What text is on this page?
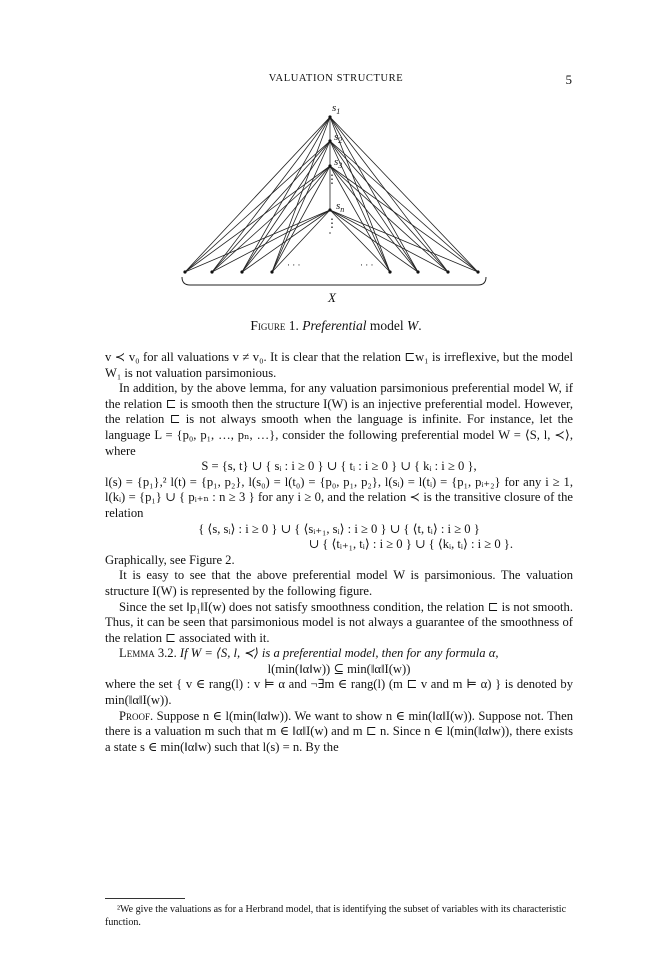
VALUATION STRUCTURE	5
$s_1$
$s_2$
$s_3$
⋮
$s_n$
⋮
· · ·	· · ·
X
Figure 1. Preferential model W.

v ≺ v₀ for all valuations v ≠ v₀. It is clear that the relation ⊏w₁ is irreflexive, but the model W₁ is not valuation parsimonious.

In addition, by the above lemma, for any valuation parsimonious preferential model W, if the relation ⊏ is smooth then the structure I(W) is an injective preferential model. However, the relation ⊏ is not always smooth when the language is infinite. For instance, let the language L = {p₀, p₁, …, pₙ, …}, consider the following preferential model W = ⟨S, l, ≺⟩, where

S = {s, t} ∪ { sᵢ : i ≥ 0 } ∪ { tᵢ : i ≥ 0 } ∪ { kᵢ : i ≥ 0 },

l(s) = {p₁},² l(t) = {p₁, p₂}, l(s₀) = l(t₀) = {p₀, p₁, p₂}, l(sᵢ) = l(tᵢ) = {p₁, pᵢ₊₂} for any i ≥ 1, l(kᵢ) = {p₁} ∪ { pᵢ₊ₙ : n ≥ 3 } for any i ≥ 0, and the relation ≺ is the transitive closure of the relation

{ ⟨s, sᵢ⟩ : i ≥ 0 } ∪ { ⟨sᵢ₊₁, sᵢ⟩ : i ≥ 0 } ∪ { ⟨t, tᵢ⟩ : i ≥ 0 }

∪ { ⟨tᵢ₊₁, tᵢ⟩ : i ≥ 0 } ∪ { ⟨kᵢ, tᵢ⟩ : i ≥ 0 }.

Graphically, see Figure 2.

It is easy to see that the above preferential model W is parsimonious. The valuation structure I(W) is represented by the following figure.

Since the set ‖p₁‖I(w) does not satisfy smoothness condition, the relation ⊏ is not smooth. Thus, it can be seen that parsimonious model is not always a guarantee of the smoothness of the relation ⊏ associated with it.

Lemma 3.2. If W = ⟨S, l, ≺⟩ is a preferential model, then for any formula α,

l(min(‖α‖w)) ⊆ min(‖α‖I(w))

where the set { v ∈ rang(l) : v ⊨ α and ¬∃m ∈ rang(l) (m ⊏ v and m ⊨ α) } is denoted by min(‖α‖I(w)).

Proof. Suppose n ∈ l(min(‖α‖w)). We want to show n ∈ min(‖α‖I(w)). Suppose not. Then there is a valuation m such that m ∈ ‖α‖I(w) and m ⊏ n. Since n ∈ l(min(‖α‖w)), there exists a state s ∈ min(‖α‖w) such that l(s) = n. By the

²We give the valuations as for a Herbrand model, that is identifying the subset of variables with its characteristic function.
